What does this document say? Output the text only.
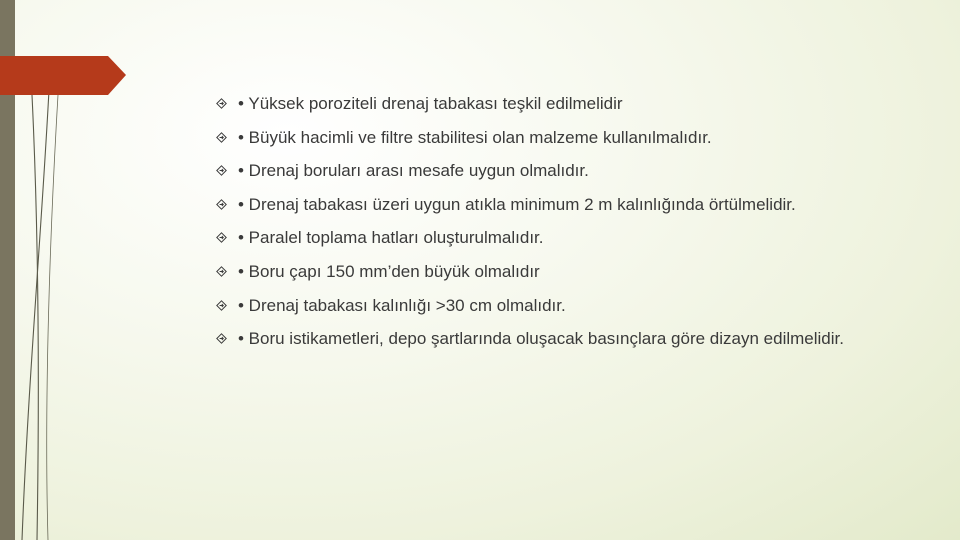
• Yüksek poroziteli drenaj tabakası teşkil edilmelidir
• Büyük hacimli ve filtre stabilitesi olan malzeme kullanılmalıdır.
• Drenaj boruları arası mesafe uygun olmalıdır.
• Drenaj tabakası üzeri uygun atıkla minimum 2 m kalınlığında örtülmelidir.
• Paralel toplama hatları oluşturulmalıdır.
• Boru çapı 150 mm’den büyük olmalıdır
• Drenaj tabakası kalınlığı >30 cm olmalıdır.
• Boru istikametleri, depo şartlarında oluşacak basınçlara göre dizayn edilmelidir.
